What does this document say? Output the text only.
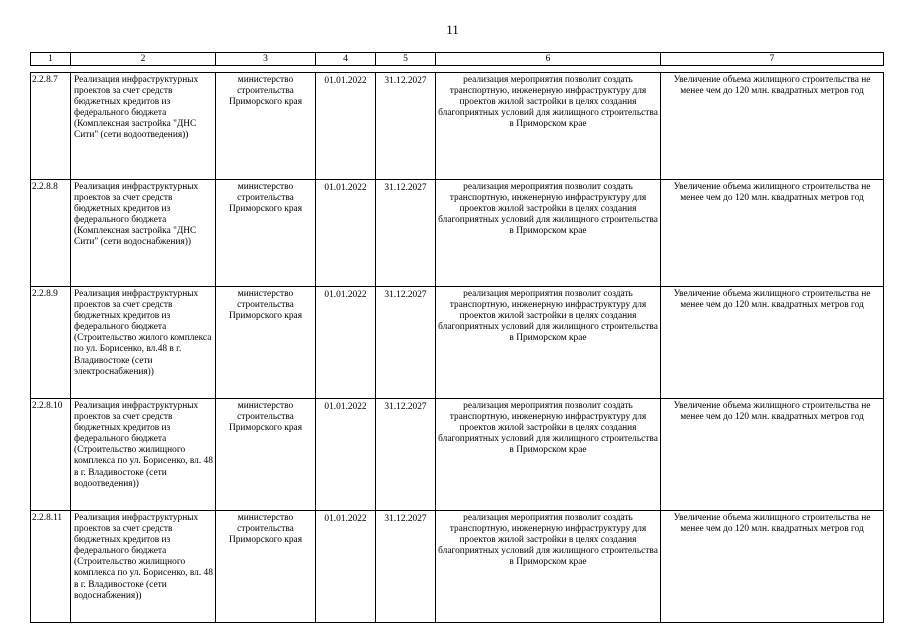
11
1	2	3	4	5	6	7
2.2.8.7	Реализация инфраструктурных проектов за счет средств бюджетных кредитов из федерального бюджета (Комплексная застройка "ДНС Сити" (сети водоотведения))	министерство строительства Приморского края	01.01.2022	31.12.2027	реализация мероприятия позволит создать транспортную, инженерную инфраструктуру для проектов жилой застройки в целях создания благоприятных условий для жилищного строительства в Приморском крае	Увеличение объема жилищного строительства не менее чем до 120 млн. квадратных метров год
2.2.8.8	Реализация инфраструктурных проектов за счет средств бюджетных кредитов из федерального бюджета (Комплексная застройка "ДНС Сити" (сети водоснабжения))	министерство строительства Приморского края	01.01.2022	31.12.2027	реализация мероприятия позволит создать транспортную, инженерную инфраструктуру для проектов жилой застройки в целях создания благоприятных условий для жилищного строительства в Приморском крае	Увеличение объема жилищного строительства не менее чем до 120 млн. квадратных метров год
2.2.8.9	Реализация инфраструктурных проектов за счет средств бюджетных кредитов из федерального бюджета (Строительство жилого комплекса по ул. Борисенко, вл.48 в г. Владивостоке (сети электроснабжения))	министерство строительства Приморского края	01.01.2022	31.12.2027	реализация мероприятия позволит создать транспортную, инженерную инфраструктуру для проектов жилой застройки в целях создания благоприятных условий для жилищного строительства в Приморском крае	Увеличение объема жилищного строительства не менее чем до 120 млн. квадратных метров год
2.2.8.10	Реализация инфраструктурных проектов за счет средств бюджетных кредитов из федерального бюджета (Строительство жилищного комплекса по ул. Борисенко, вл. 48 в г. Владивостоке (сети водоотведения))	министерство строительства Приморского края	01.01.2022	31.12.2027	реализация мероприятия позволит создать транспортную, инженерную инфраструктуру для проектов жилой застройки в целях создания благоприятных условий для жилищного строительства в Приморском крае	Увеличение объема жилищного строительства не менее чем до 120 млн. квадратных метров год
2.2.8.11	Реализация инфраструктурных проектов за счет средств бюджетных кредитов из федерального бюджета (Строительство жилищного комплекса по ул. Борисенко, вл. 48 в г. Владивостоке (сети водоснабжения))	министерство строительства Приморского края	01.01.2022	31.12.2027	реализация мероприятия позволит создать транспортную, инженерную инфраструктуру для проектов жилой застройки в целях создания благоприятных условий для жилищного строительства в Приморском крае	Увеличение объема жилищного строительства не менее чем до 120 млн. квадратных метров год
